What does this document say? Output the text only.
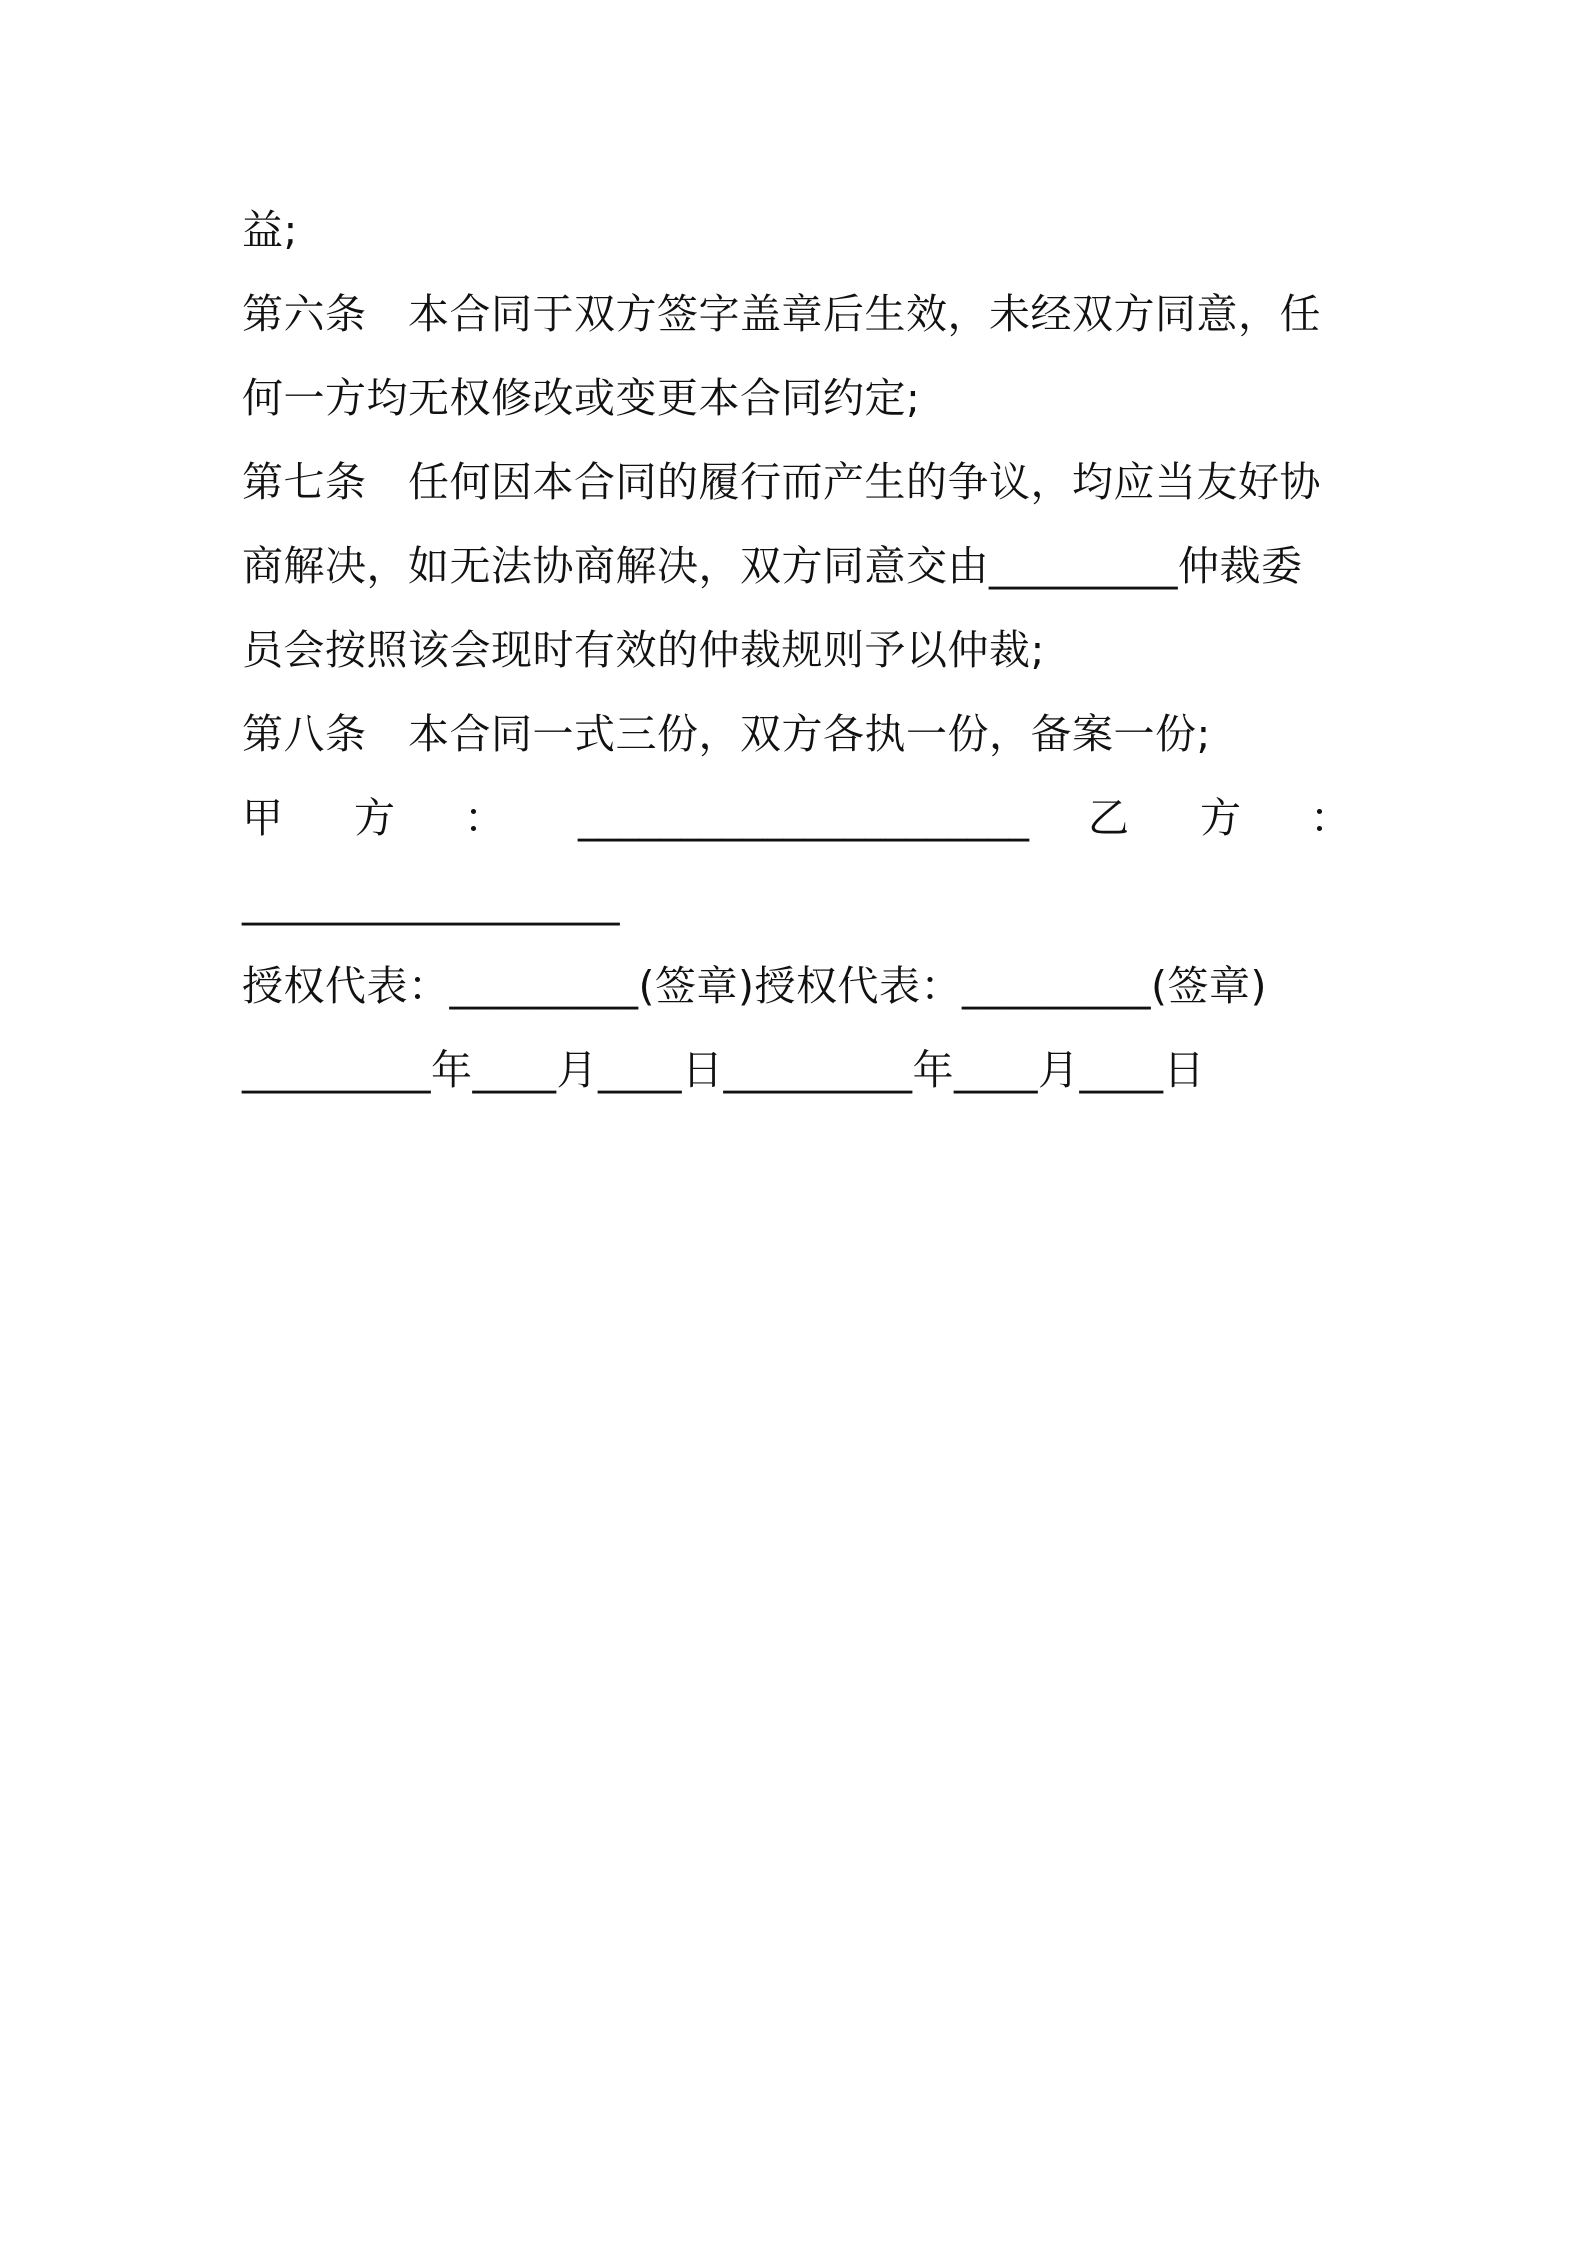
益;
第六条　本合同于双方签字盖章后生效，未经双方同意，任
何一方均无权修改或变更本合同约定;
第七条　任何因本合同的履行而产生的争议，均应当友好协
商解决，如无法协商解决，双方同意交由_________仲裁委
员会按照该会现时有效的仲裁规则予以仲裁;
第八条　本合同一式三份，双方各执一份，备案一份;
甲 方 ： ______________________ 乙 方 ：
__________________
授权代表：_________(签章)授权代表：_________(签章)
_________年____月____日_________年____月____日
